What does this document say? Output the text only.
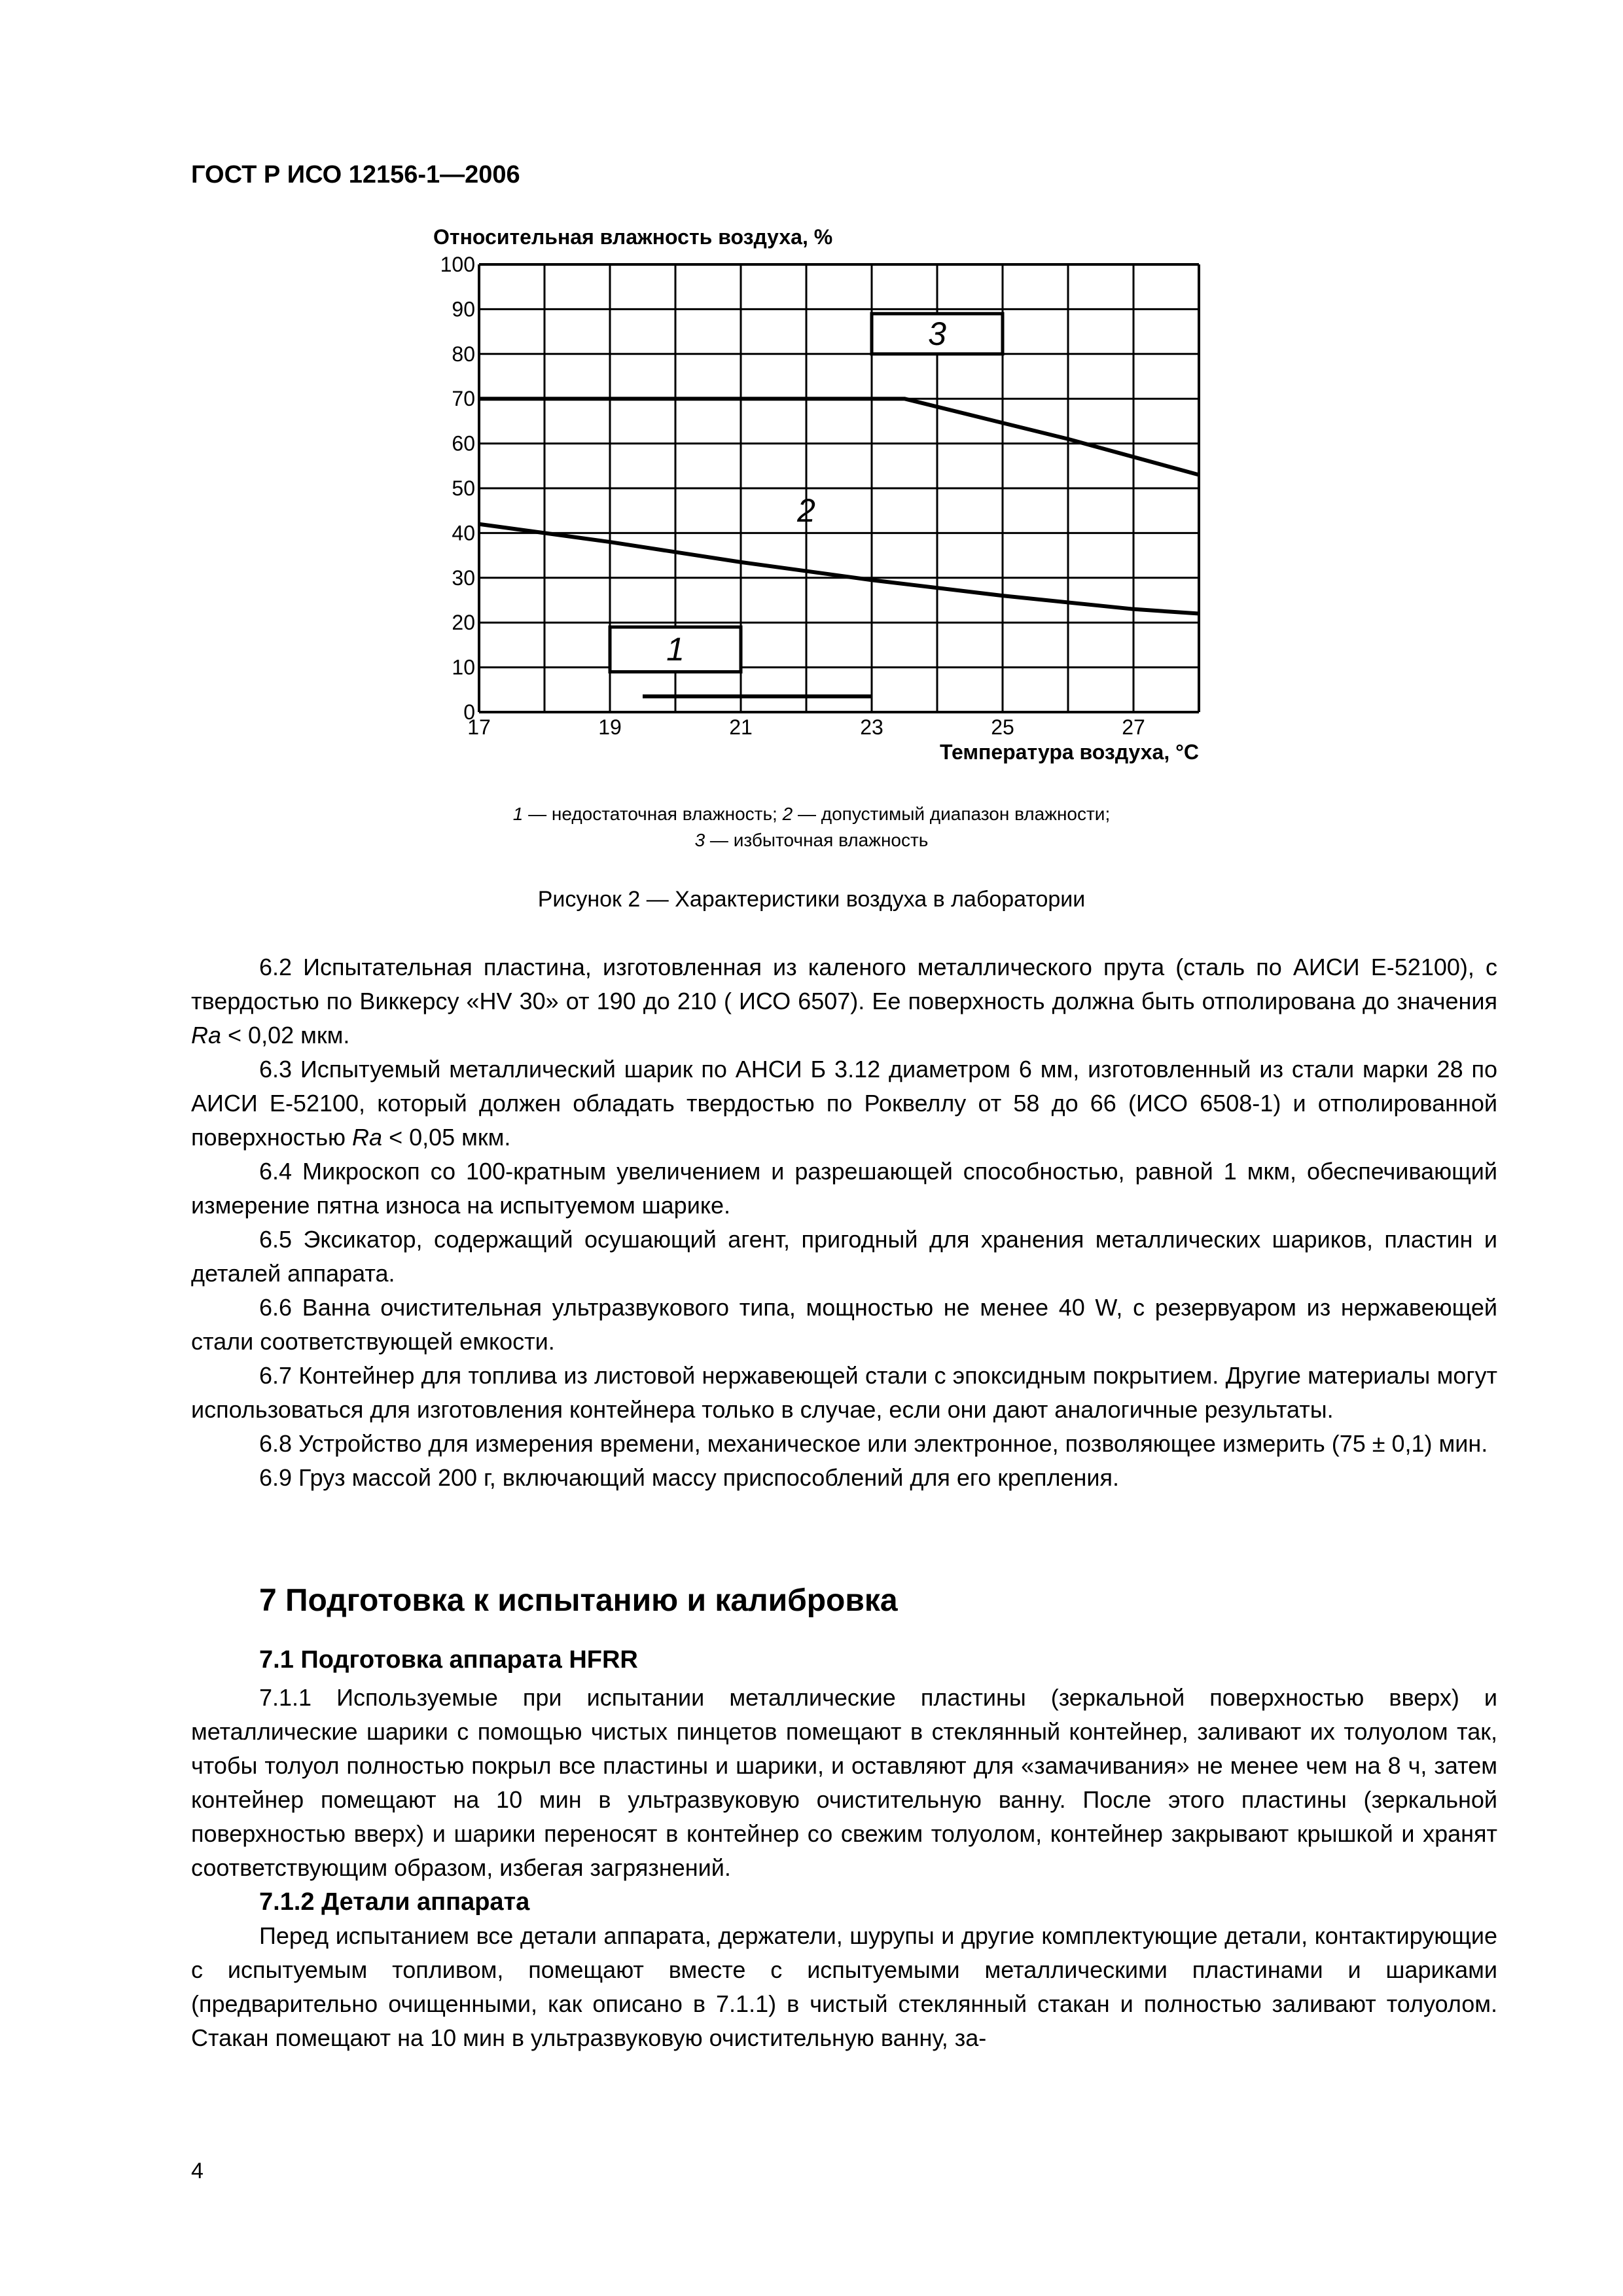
ГОСТ Р ИСО 12156-1—2006
Относительная влажность воздуха, %
Температура воздуха, °С
0
10
20
30
40
50
60
70
80
90
100
17	19	21	23	25	27
3
2
1
1 — недостаточная влажность; 2 — допустимый диапазон влажности;
3 — избыточная влажность
Рисунок 2 — Характеристики воздуха в лаборатории

6.2 Испытательная пластина, изготовленная из каленого металлического прута (сталь по АИСИ Е-52100), с твердостью по Виккерсу «HV 30» от 190 до 210 ( ИСО 6507). Ее поверхность должна быть отполирована до значения Ra < 0,02 мкм.

6.3 Испытуемый металлический шарик по АНСИ Б 3.12 диаметром 6 мм, изготовленный из стали марки 28 по АИСИ Е-52100, который должен обладать твердостью по Роквеллу от 58 до 66 (ИСО 6508-1) и отполированной поверхностью Ra < 0,05 мкм.

6.4 Микроскоп со 100-кратным увеличением и разрешающей способностью, равной 1 мкм, обеспечивающий измерение пятна износа на испытуемом шарике.

6.5 Эксикатор, содержащий осушающий агент, пригодный для хранения металлических шариков, пластин и деталей аппарата.

6.6 Ванна очистительная ультразвукового типа, мощностью не менее 40 W, с резервуаром из нержавеющей стали соответствующей емкости.

6.7 Контейнер для топлива из листовой нержавеющей стали с эпоксидным покрытием. Другие материалы могут использоваться для изготовления контейнера только в случае, если они дают аналогичные результаты.

6.8 Устройство для измерения времени, механическое или электронное, позволяющее измерить (75 ± 0,1) мин.

6.9 Груз массой 200 г, включающий массу приспособлений для его крепления.

7 Подготовка к испытанию и калибровка
7.1 Подготовка аппарата HFRR

7.1.1 Используемые при испытании металлические пластины (зеркальной поверхностью вверх) и металлические шарики с помощью чистых пинцетов помещают в стеклянный контейнер, заливают их толуолом так, чтобы толуол полностью покрыл все пластины и шарики, и оставляют для «замачивания» не менее чем на 8 ч, затем контейнер помещают на 10 мин в ультразвуковую очистительную ванну. После этого пластины (зеркальной поверхностью вверх) и шарики переносят в контейнер со свежим толуолом, контейнер закрывают крышкой и хранят соответствующим образом, избегая загрязнений.

7.1.2 Детали аппарата

Перед испытанием все детали аппарата, держатели, шурупы и другие комплектующие детали, контактирующие с испытуемым топливом, помещают вместе с испытуемыми металлическими пластинами и шариками (предварительно очищенными, как описано в 7.1.1) в чистый стеклянный стакан и полностью заливают толуолом. Стакан помещают на 10 мин в ультразвуковую очистительную ванну, за-

4
